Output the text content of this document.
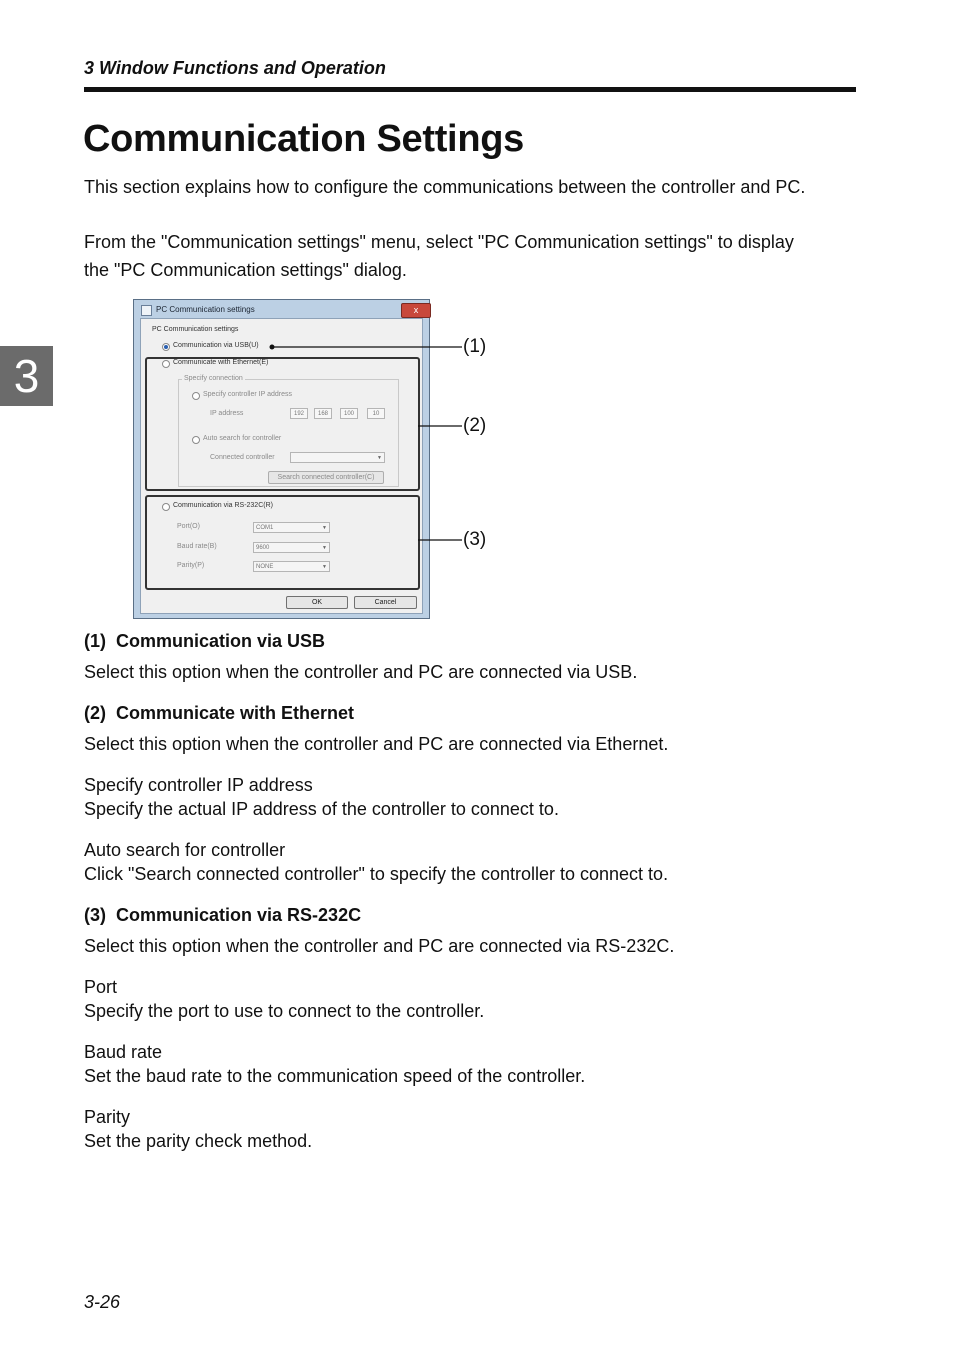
3 Window Functions and Operation
3
Communication Settings
This section explains how to configure the communications between the controller and PC.
From the "Communication settings" menu, select "PC Communication settings" to display
the "PC Communication settings" dialog.
PC Communication settings	x
PC Communication settings
Communication via USB(U)
Communicate with Ethernet(E)
Specify connection
Specify controller IP address
IP address	192	168	100	10
Auto search for controller
Connected controller	▼
Search connected controller(C)
Communication via RS-232C(R)
Port(O)	COM1	▼
Baud rate(B)	9600	▼
Parity(P)	NONE	▼
OK	Cancel
(1)
(2)
(3)
(1) Communication via USB
Select this option when the controller and PC are connected via USB.
(2) Communicate with Ethernet
Select this option when the controller and PC are connected via Ethernet.
Specify controller IP address
Specify the actual IP address of the controller to connect to.
Auto search for controller
Click "Search connected controller" to specify the controller to connect to.
(3) Communication via RS-232C
Select this option when the controller and PC are connected via RS-232C.
Port
Specify the port to use to connect to the controller.
Baud rate
Set the baud rate to the communication speed of the controller.
Parity
Set the parity check method.
3-26
